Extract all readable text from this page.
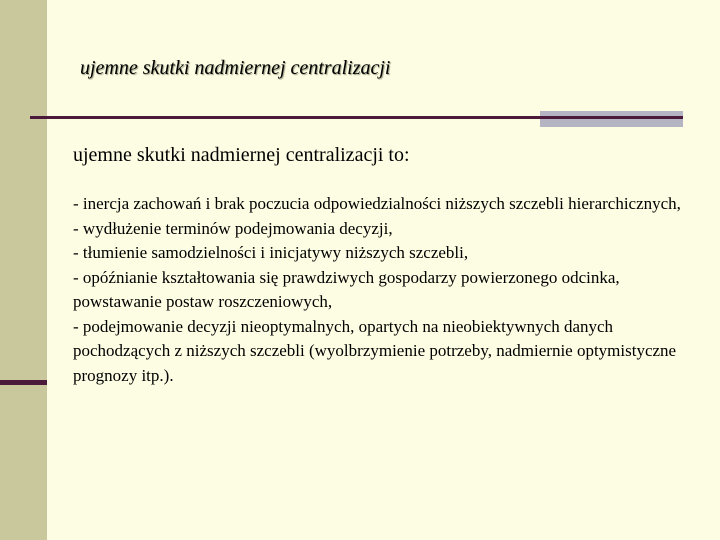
ujemne skutki nadmiernej centralizacji

ujemne skutki nadmiernej centralizacji to:

- inercja zachowań i brak poczucia odpowiedzialności niższych szczebli hierarchicznych,

- wydłużenie terminów podejmowania decyzji,

- tłumienie samodzielności i inicjatywy niższych szczebli,

- opóźnianie kształtowania się prawdziwych gospodarzy powierzonego odcinka, powstawanie postaw roszczeniowych,

- podejmowanie decyzji nieoptymalnych, opartych na nieobiektywnych danych pochodzących z niższych szczebli (wyolbrzymienie potrzeby, nadmiernie optymistyczne prognozy itp.).
